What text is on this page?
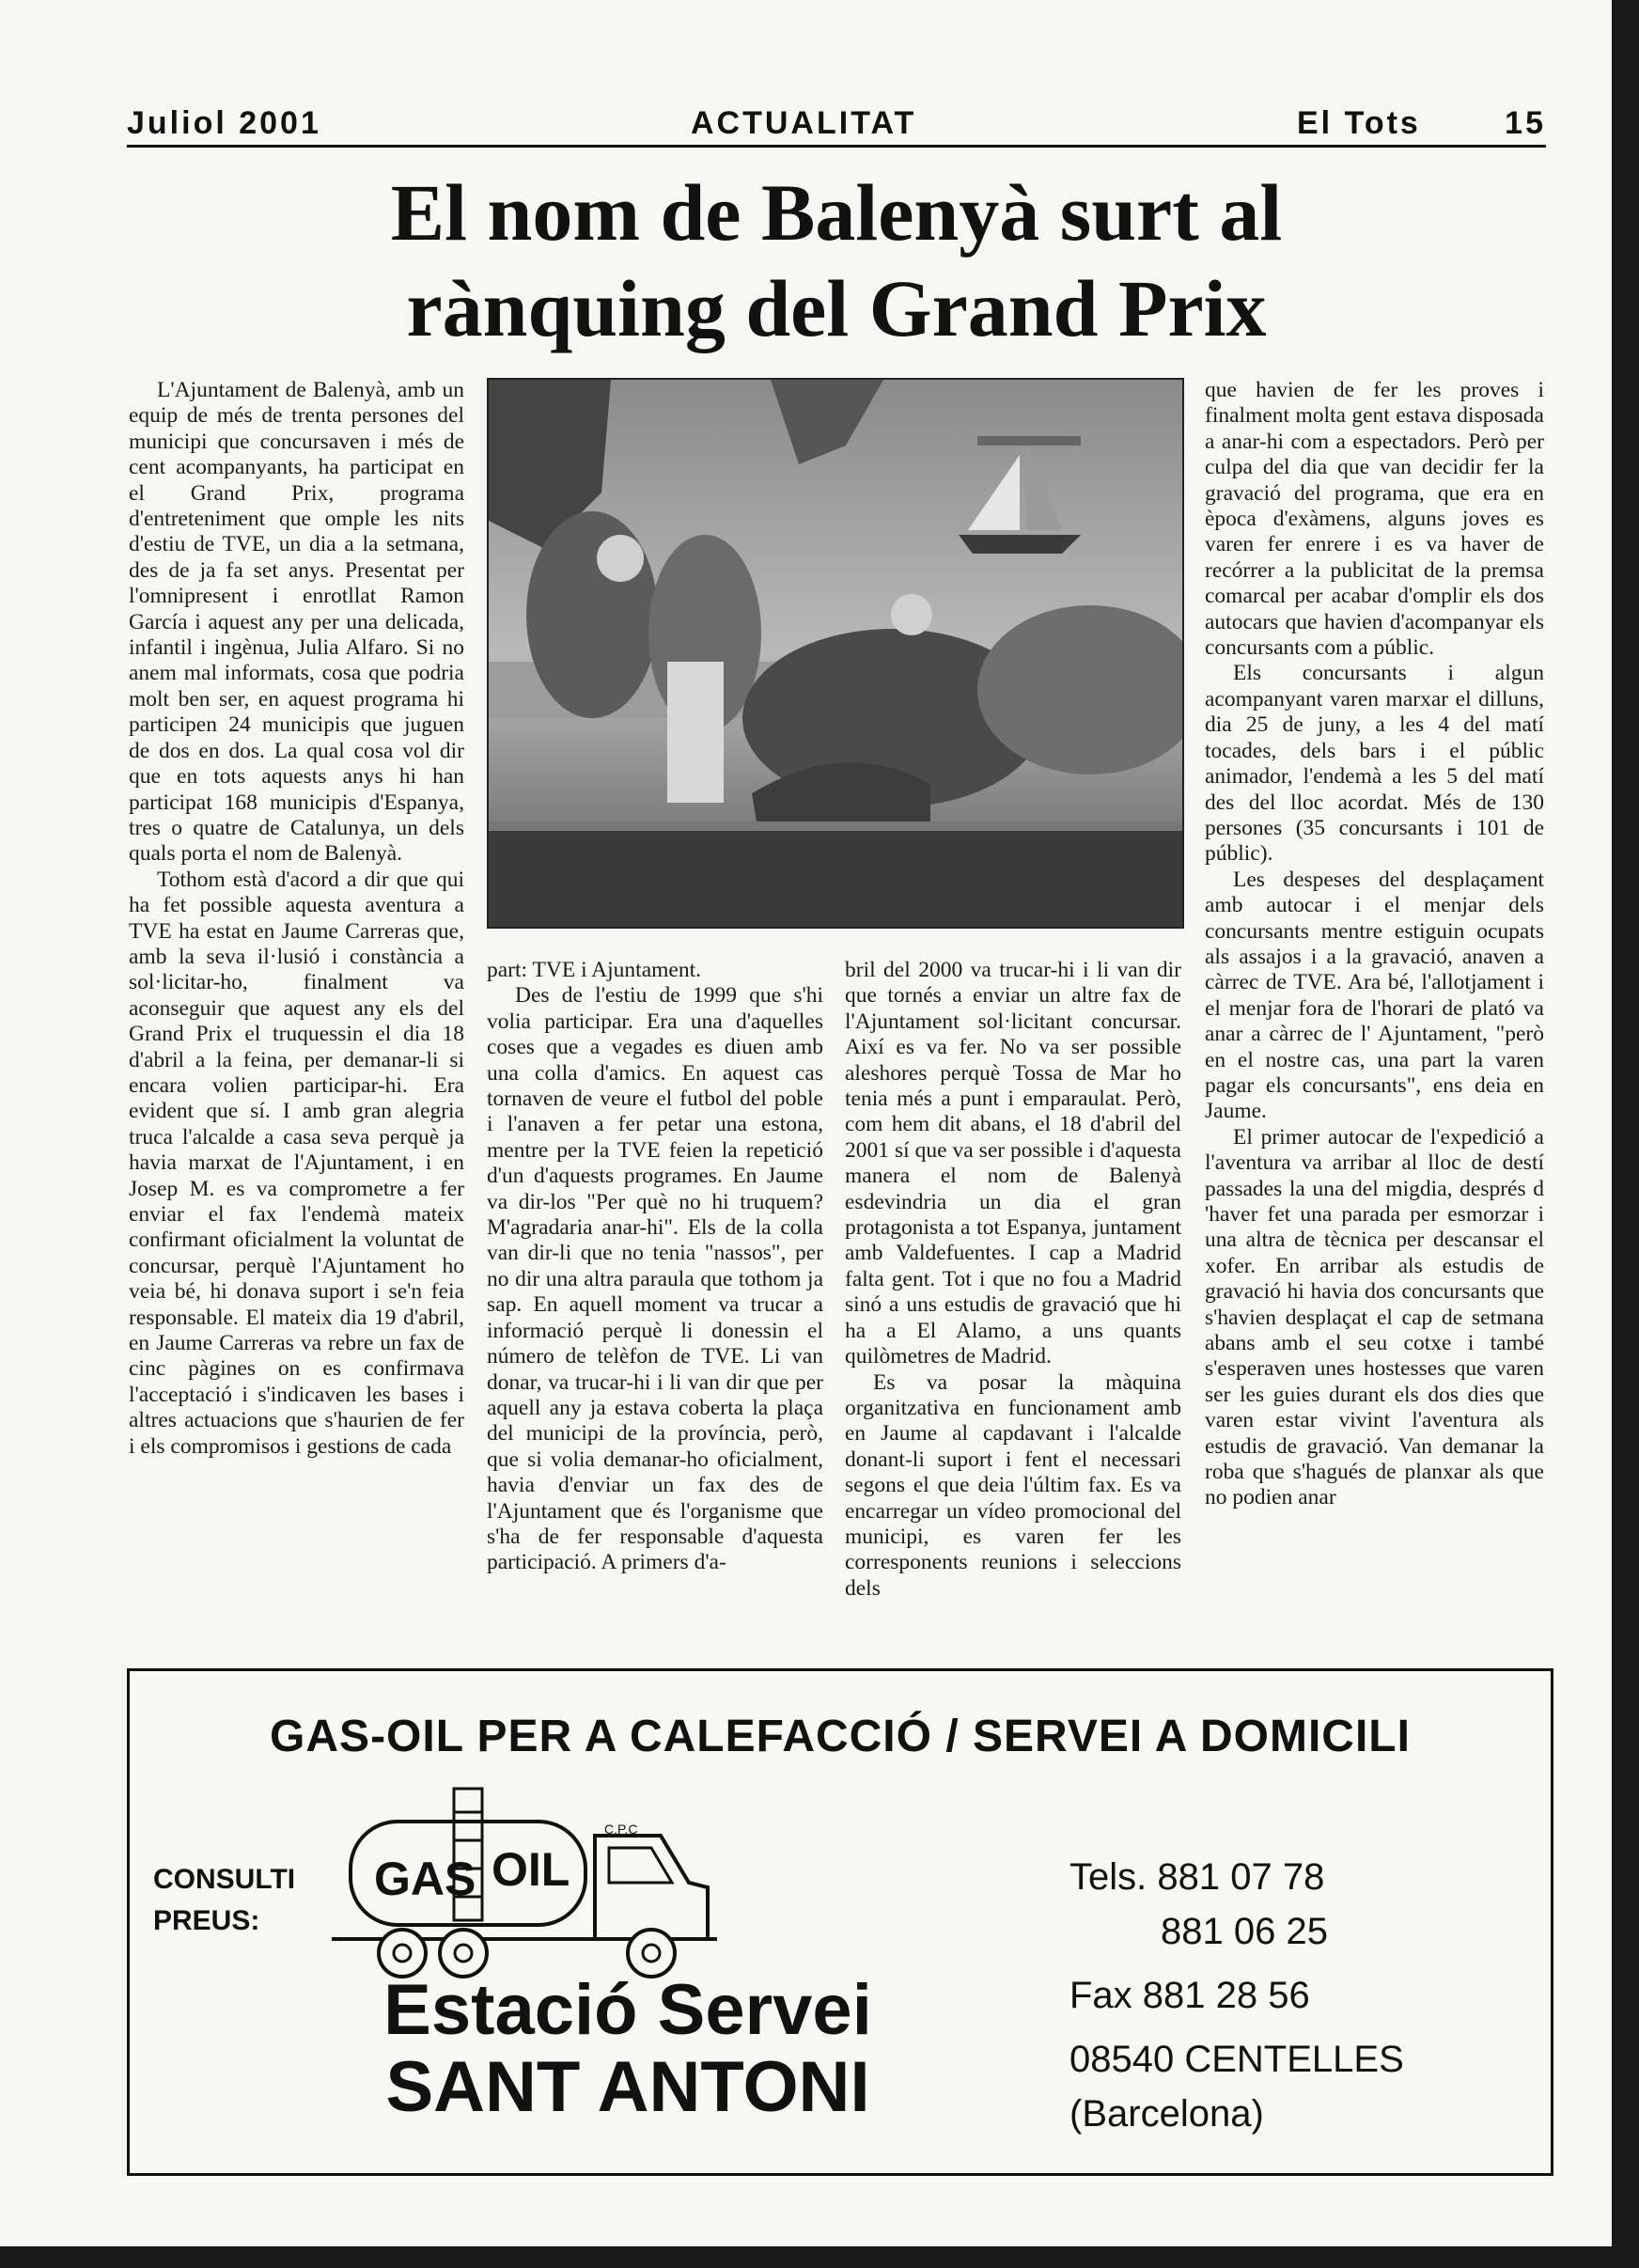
Juliol 2001	ACTUALITAT	El Tots	15
El nom de Balenyà surt al
rànquing del Grand Prix

L'Ajuntament de Balenyà, amb un equip de més de trenta persones del municipi que concursaven i més de cent acompanyants, ha participat en el Grand Prix, programa d'entreteniment que omple les nits d'estiu de TVE, un dia a la setmana, des de ja fa set anys. Presentat per l'omnipresent i enrotllat Ramon García i aquest any per una delicada, infantil i ingènua, Julia Alfaro. Si no anem mal informats, cosa que podria molt ben ser, en aquest programa hi participen 24 municipis que juguen de dos en dos. La qual cosa vol dir que en tots aquests anys hi han participat 168 municipis d'Espanya, tres o quatre de Catalunya, un dels quals porta el nom de Balenyà.

Tothom està d'acord a dir que qui ha fet possible aquesta aventura a TVE ha estat en Jaume Carreras que, amb la seva il·lusió i constància a sol·licitar-ho, finalment va aconseguir que aquest any els del Grand Prix el truquessin el dia 18 d'abril a la feina, per demanar-li si encara volien participar-hi. Era evident que sí. I amb gran alegria truca l'alcalde a casa seva perquè ja havia marxat de l'Ajuntament, i en Josep M. es va comprometre a fer enviar el fax l'endemà mateix confirmant oficialment la voluntat de concursar, perquè l'Ajuntament ho veia bé, hi donava suport i se'n feia responsable. El mateix dia 19 d'abril, en Jaume Carreras va rebre un fax de cinc pàgines on es confirmava l'acceptació i s'indicaven les bases i altres actuacions que s'haurien de fer i els compromisos i gestions de cada

part: TVE i Ajuntament.

Des de l'estiu de 1999 que s'hi volia participar. Era una d'aquelles coses que a vegades es diuen amb una colla d'amics. En aquest cas tornaven de veure el futbol del poble i l'anaven a fer petar una estona, mentre per la TVE feien la repetició d'un d'aquests programes. En Jaume va dir-los "Per què no hi truquem? M'agradaria anar-hi". Els de la colla van dir-li que no tenia "nassos", per no dir una altra paraula que tothom ja sap. En aquell moment va trucar a informació perquè li donessin el número de telèfon de TVE. Li van donar, va trucar-hi i li van dir que per aquell any ja estava coberta la plaça del municipi de la província, però, que si volia demanar-ho oficialment, havia d'enviar un fax des de l'Ajuntament que és l'organisme que s'ha de fer responsable d'aquesta participació. A primers d'a-

bril del 2000 va trucar-hi i li van dir que tornés a enviar un altre fax de l'Ajuntament sol·licitant concursar. Així es va fer. No va ser possible aleshores perquè Tossa de Mar ho tenia més a punt i emparaulat. Però, com hem dit abans, el 18 d'abril del 2001 sí que va ser possible i d'aquesta manera el nom de Balenyà esdevindria un dia el gran protagonista a tot Espanya, juntament amb Valdefuentes. I cap a Madrid falta gent. Tot i que no fou a Madrid sinó a uns estudis de gravació que hi ha a El Alamo, a uns quants quilòmetres de Madrid.

Es va posar la màquina organitzativa en funcionament amb en Jaume al capdavant i l'alcalde donant-li suport i fent el necessari segons el que deia l'últim fax. Es va encarregar un vídeo promocional del municipi, es varen fer les corresponents reunions i seleccions dels

que havien de fer les proves i finalment molta gent estava disposada a anar-hi com a espectadors. Però per culpa del dia que van decidir fer la gravació del programa, que era en època d'exàmens, alguns joves es varen fer enrere i es va haver de recórrer a la publicitat de la premsa comarcal per acabar d'omplir els dos autocars que havien d'acompanyar els concursants com a públic.

Els concursants i algun acompanyant varen marxar el dilluns, dia 25 de juny, a les 4 del matí tocades, dels bars i el públic animador, l'endemà a les 5 del matí des del lloc acordat. Més de 130 persones (35 concursants i 101 de públic).

Les despeses del desplaçament amb autocar i el menjar dels concursants mentre estiguin ocupats als assajos i a la gravació, anaven a càrrec de TVE. Ara bé, l'allotjament i el menjar fora de l'horari de plató va anar a càrrec de l' Ajuntament, "però en el nostre cas, una part la varen pagar els concursants", ens deia en Jaume.

El primer autocar de l'expedició a l'aventura va arribar al lloc de destí passades la una del migdia, després d 'haver fet una parada per esmorzar i una altra de tècnica per descansar el xofer. En arribar als estudis de gravació hi havia dos concursants que s'havien desplaçat el cap de setmana abans amb el seu cotxe i també s'esperaven unes hostesses que varen ser les guies durant els dos dies que varen estar vivint l'aventura als estudis de gravació. Van demanar la roba que s'hagués de planxar als que no podien anar

GAS-OIL PER A CALEFACCIÓ / SERVEI A DOMICILI
CONSULTI
PREUS:
GAS OIL
C.P.C
Estació Servei
SANT ANTONI
Tels. 881 07 78
881 06 25
Fax 881 28 56
08540 CENTELLES
(Barcelona)
